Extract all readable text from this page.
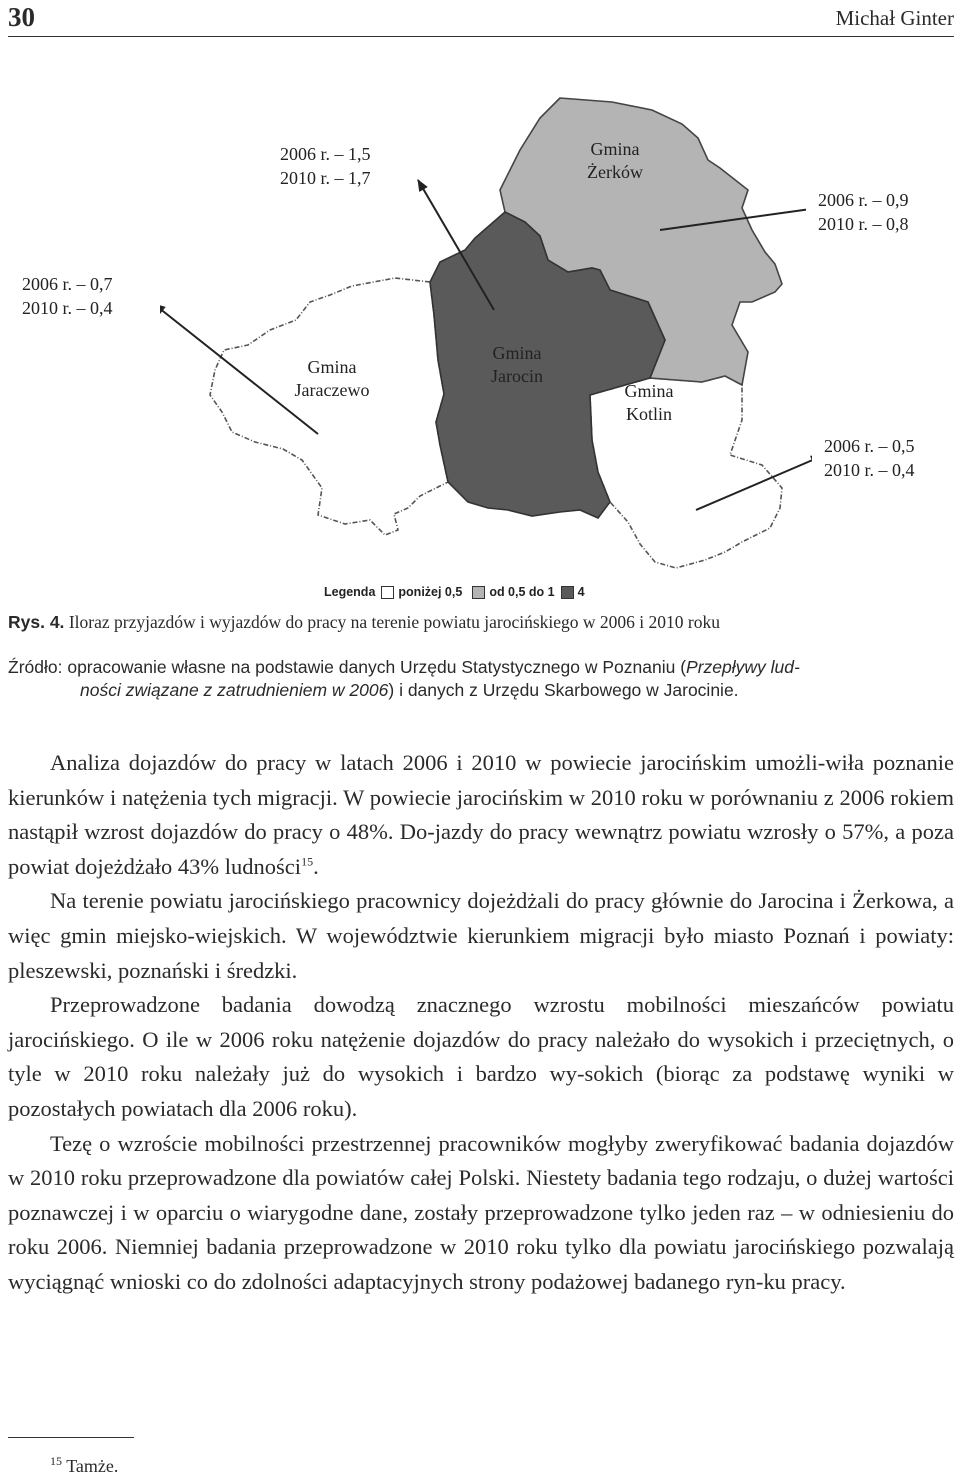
30	Michał Ginter
Gmina
Żerków
Gmina
Jaraczewo
Gmina
Jarocin
Gmina
Kotlin
2006 r. – 1,5
2010 r. – 1,7
2006 r. – 0,9
2010 r. – 0,8
2006 r. – 0,7
2010 r. – 0,4
2006 r. – 0,5
2010 r. – 0,4
Legenda poniżej 0,5 od 0,5 do 1 4
Rys. 4. Iloraz przyjazdów i wyjazdów do pracy na terenie powiatu jarocińskiego w 2006 i 2010 roku
Źródło: opracowanie własne na podstawie danych Urzędu Statystycznego w Poznaniu (Przepływy lud-
ności związane z zatrudnieniem w 2006) i danych z Urzędu Skarbowego w Jarocinie.

Analiza dojazdów do pracy w latach 2006 i 2010 w powiecie jarocińskim umożli-wiła poznanie kierunków i natężenia tych migracji. W powiecie jarocińskim w 2010 roku w porównaniu z 2006 rokiem nastąpił wzrost dojazdów do pracy o 48%. Do-jazdy do pracy wewnątrz powiatu wzrosły o 57%, a poza powiat dojeżdżało 43% ludności$^{15}$.

Na terenie powiatu jarocińskiego pracownicy dojeżdżali do pracy głównie do Jarocina i Żerkowa, a więc gmin miejsko-wiejskich. W województwie kierunkiem migracji było miasto Poznań i powiaty: pleszewski, poznański i średzki.

Przeprowadzone badania dowodzą znacznego wzrostu mobilności mieszańców powiatu jarocińskiego. O ile w 2006 roku natężenie dojazdów do pracy należało do wysokich i przeciętnych, o tyle w 2010 roku należały już do wysokich i bardzo wy-sokich (biorąc za podstawę wyniki w pozostałych powiatach dla 2006 roku).

Tezę o wzroście mobilności przestrzennej pracowników mogłyby zweryfikować badania dojazdów w 2010 roku przeprowadzone dla powiatów całej Polski. Niestety badania tego rodzaju, o dużej wartości poznawczej i w oparciu o wiarygodne dane, zostały przeprowadzone tylko jeden raz – w odniesieniu do roku 2006. Niemniej badania przeprowadzone w 2010 roku tylko dla powiatu jarocińskiego pozwalają wyciągnąć wnioski co do zdolności adaptacyjnych strony podażowej badanego ryn-ku pracy.

$^{15}$ Tamże.
